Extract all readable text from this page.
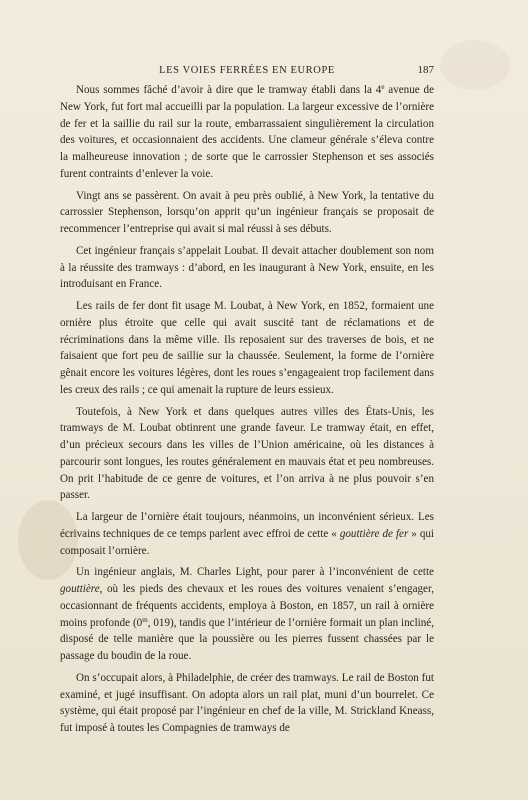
LES VOIES FERRÉES EN EUROPE	187

Nous sommes fâché d’avoir à dire que le tramway établi dans la 4e avenue de New York, fut fort mal accueilli par la population. La largeur excessive de l’ornière de fer et la saillie du rail sur la route, embarrassaient singulièrement la circulation des voitures, et occasionnaient des accidents. Une clameur générale s’éleva contre la malheureuse innovation ; de sorte que le carrossier Stephenson et ses associés furent contraints d’enlever la voie.

Vingt ans se passèrent. On avait à peu près oublié, à New York, la tentative du carrossier Stephenson, lorsqu’on apprit qu’un ingénieur français se proposait de recommencer l’entreprise qui avait si mal réussi à ses débuts.

Cet ingénieur français s’appelait Loubat. Il devait attacher doublement son nom à la réussite des tramways : d’abord, en les inaugurant à New York, ensuite, en les introduisant en France.

Les rails de fer dont fit usage M. Loubat, à New York, en 1852, formaient une ornière plus étroite que celle qui avait suscité tant de réclamations et de récriminations dans la même ville. Ils reposaient sur des traverses de bois, et ne faisaient que fort peu de saillie sur la chaussée. Seulement, la forme de l’ornière gênait encore les voitures légères, dont les roues s’engageaient trop facilement dans les creux des rails ; ce qui amenait la rupture de leurs essieux.

Toutefois, à New York et dans quelques autres villes des États-Unis, les tramways de M. Loubat obtinrent une grande faveur. Le tramway était, en effet, d’un précieux secours dans les villes de l’Union américaine, où les distances à parcourir sont longues, les routes généralement en mauvais état et peu nombreuses. On prit l’habitude de ce genre de voitures, et l’on arriva à ne plus pouvoir s’en passer.

La largeur de l’ornière était toujours, néanmoins, un inconvénient sérieux. Les écrivains techniques de ce temps parlent avec effroi de cette « gouttière de fer » qui composait l’ornière.

Un ingénieur anglais, M. Charles Light, pour parer à l’inconvénient de cette gouttière, où les pieds des chevaux et les roues des voitures venaient s’engager, occasionnant de fréquents accidents, employa à Boston, en 1857, un rail à ornière moins profonde (0$^m$, 019), tandis que l’intérieur de l’ornière formait un plan incliné, disposé de telle manière que la poussière ou les pierres fussent chassées par le passage du boudin de la roue.

On s’occupait alors, à Philadelphie, de créer des tramways. Le rail de Boston fut examiné, et jugé insuffisant. On adopta alors un rail plat, muni d’un bourrelet. Ce système, qui était proposé par l’ingénieur en chef de la ville, M. Strickland Kneass, fut imposé à toutes les Compagnies de tramways de
